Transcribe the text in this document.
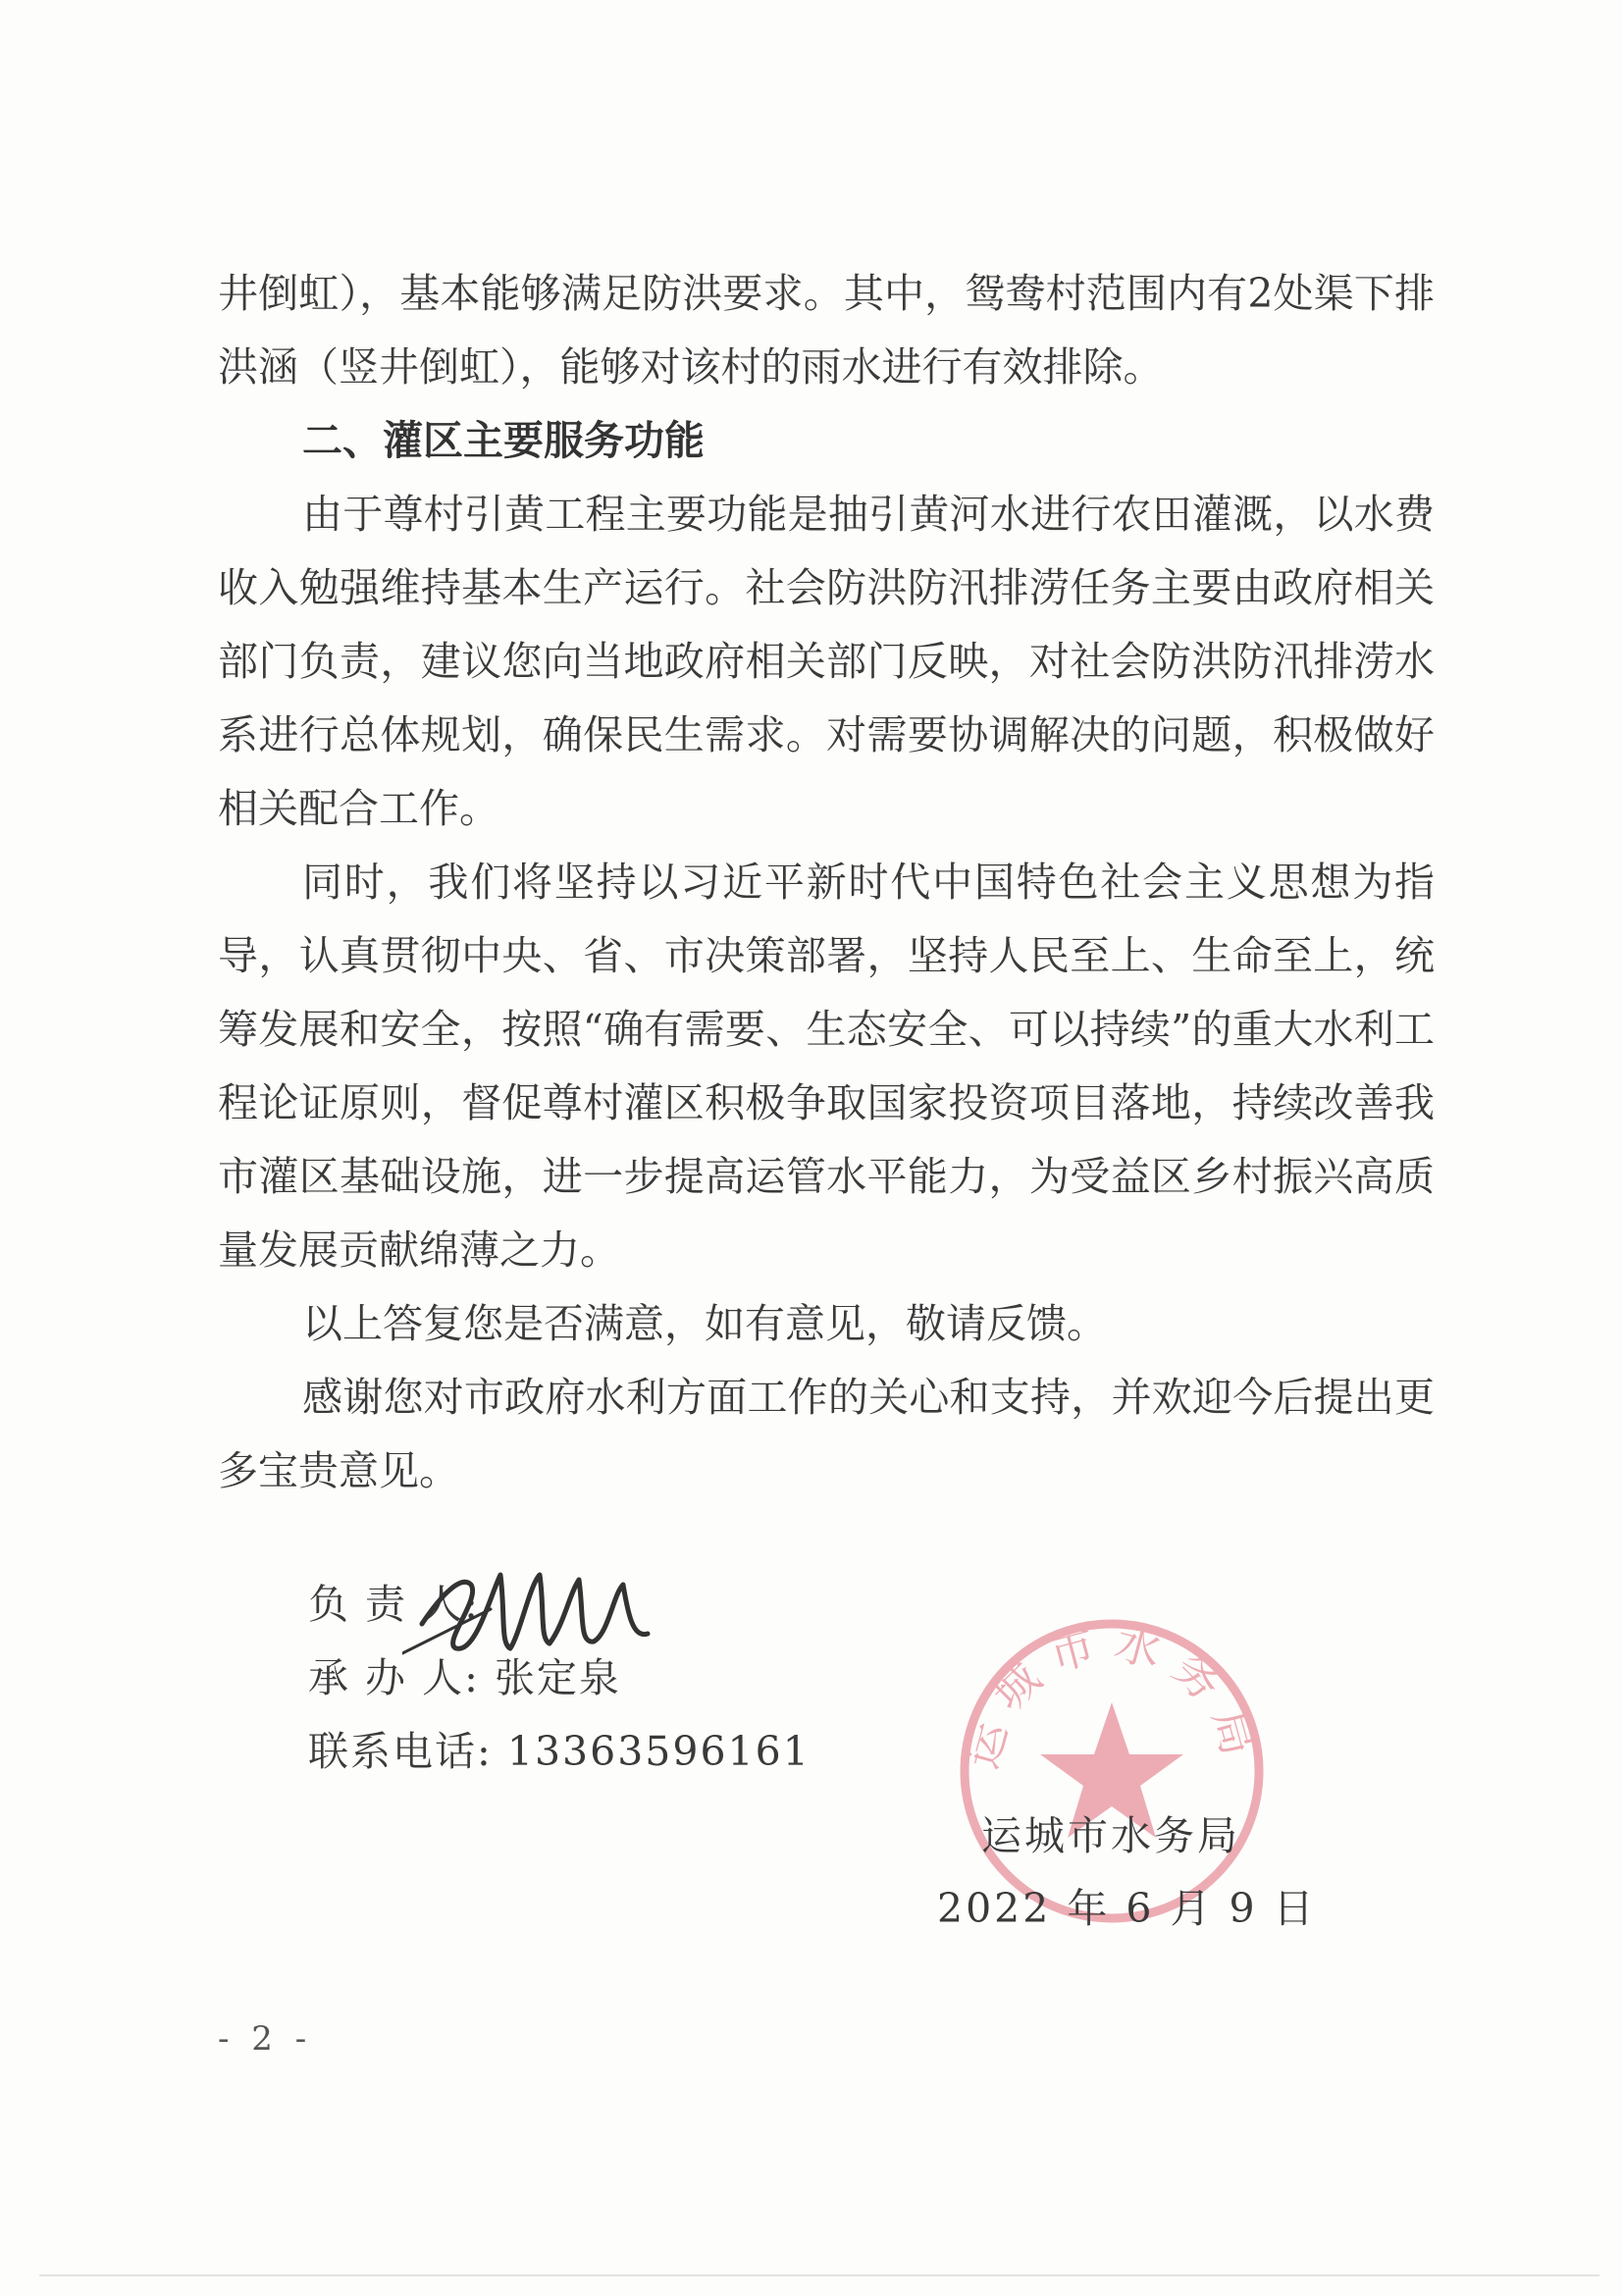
井倒虹），基本能够满足防洪要求。其中，鸳鸯村范围内有2处渠下排洪涵（竖井倒虹），能够对该村的雨水进行有效排除。

二、灌区主要服务功能

由于尊村引黄工程主要功能是抽引黄河水进行农田灌溉，以水费收入勉强维持基本生产运行。社会防洪防汛排涝任务主要由政府相关部门负责，建议您向当地政府相关部门反映，对社会防洪防汛排涝水系进行总体规划，确保民生需求。对需要协调解决的问题，积极做好相关配合工作。

同时，我们将坚持以习近平新时代中国特色社会主义思想为指导，认真贯彻中央、省、市决策部署，坚持人民至上、生命至上，统筹发展和安全，按照“确有需要、生态安全、可以持续”的重大水利工程论证原则，督促尊村灌区积极争取国家投资项目落地，持续改善我市灌区基础设施，进一步提高运管水平能力，为受益区乡村振兴高质量发展贡献绵薄之力。

以上答复您是否满意，如有意见，敬请反馈。

感谢您对市政府水利方面工作的关心和支持，并欢迎今后提出更多宝贵意见。

负 责 人:
承 办 人: 张定泉
联系电话: 13363596161	运城市水务局
运城市水务局
2022 年 6 月 9 日
- 2 -
